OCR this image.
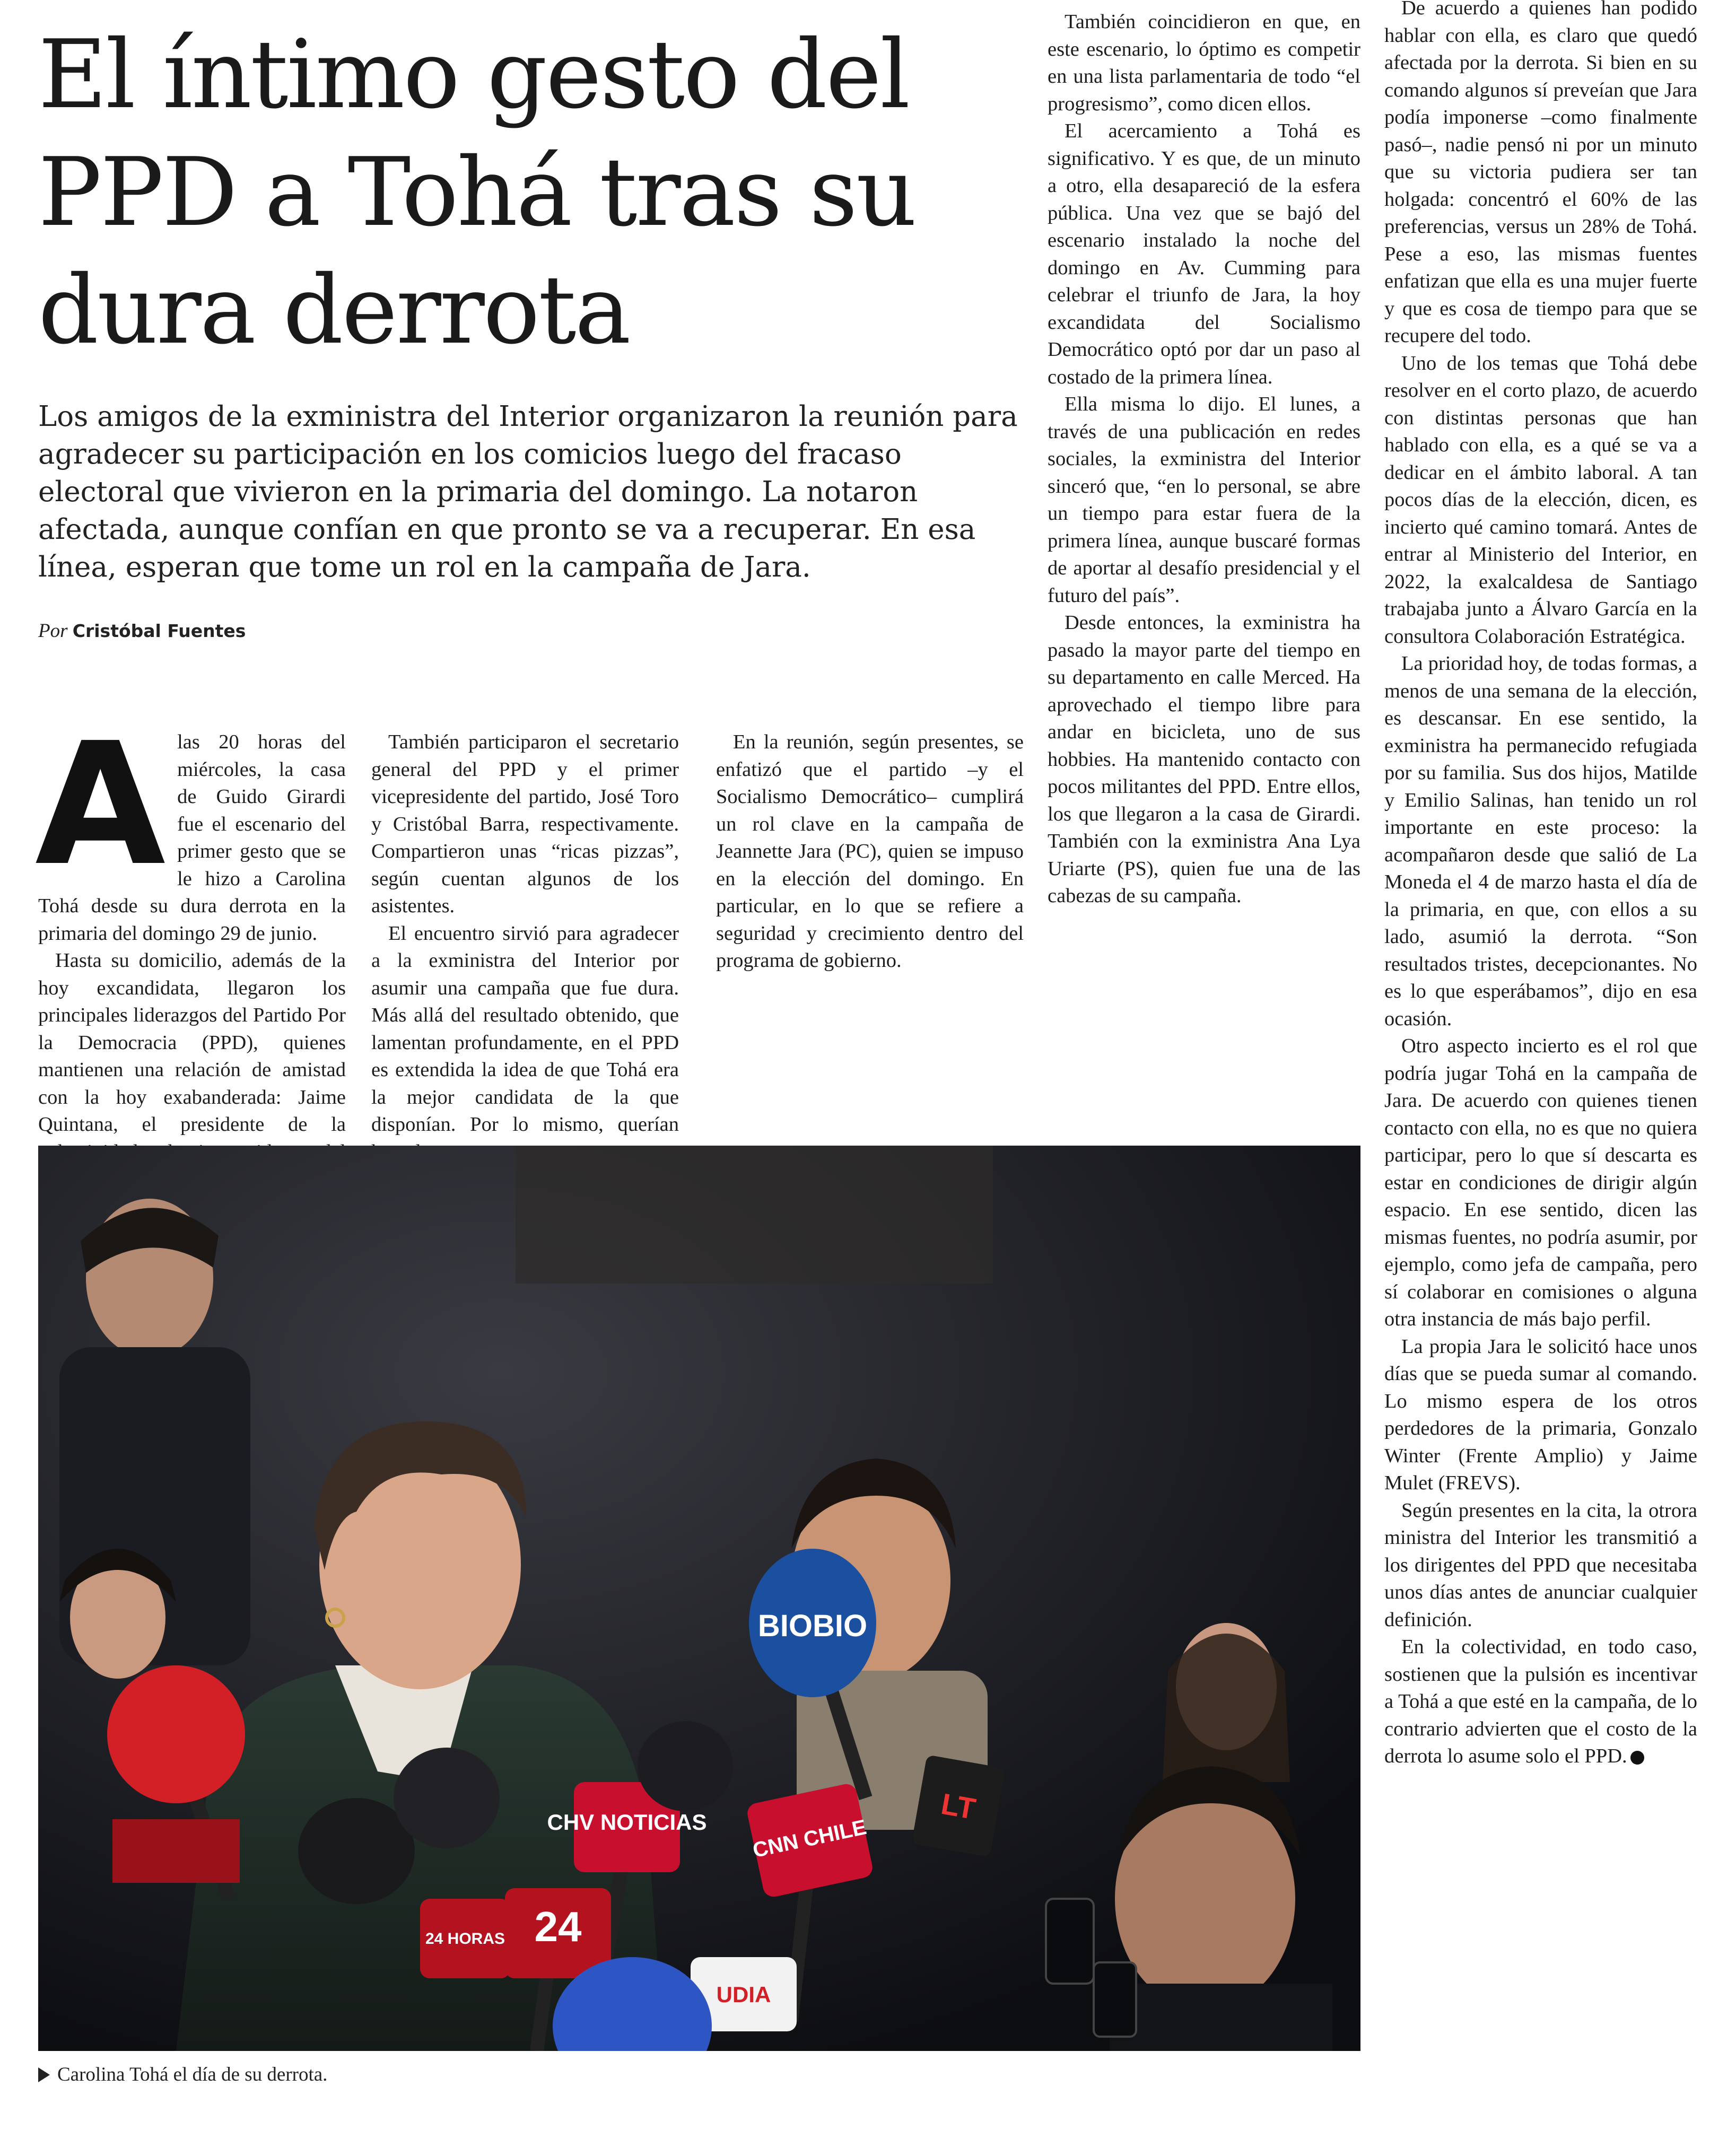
El íntimo gesto del PPD a Tohá tras su dura derrota

Los amigos de la exministra del Interior organizaron la reunión para agradecer su participación en los comicios luego del fracaso electoral que vivieron en la primaria del domingo. La notaron afectada, aunque confían en que pronto se va a recuperar. En esa línea, esperan que tome un rol en la campaña de Jara.

Por Cristóbal Fuentes

Alas 20 horas del miércoles, la casa de Guido Girardi fue el escenario del primer gesto que se le hizo a Carolina Tohá desde su dura derrota en la primaria del domingo 29 de junio.

Hasta su domicilio, además de la hoy excandidata, llegaron los principales liderazgos del Partido Por la Democracia (PPD), quienes mantienen una relación de amistad con la hoy exabanderada: Jaime Quintana, el presidente de la

También participaron el secretario general del PPD y el primer vicepresidente del partido, José Toro y Cristóbal Barra, respectivamente. Compartieron unas “ricas pizzas”, según cuentan algunos de los asistentes.

El encuentro sirvió para agradecer a la exministra del Interior por asumir una campaña que fue dura. Más allá del resultado obtenido, que lamentan profundamente, en el PPD es extendida la idea de que Tohá era la mejor candidata de la que disponían. Por lo mismo, querían

En la reunión, según presentes, se enfatizó que el partido –y el Socialismo Democrático– cumplirá un rol clave en la campaña de Jeannette Jara (PC), quien se impuso en la elección del domingo. En particular, en lo que se refiere a seguridad y crecimiento dentro del programa de gobierno.

También coincidieron en que, en este escenario, lo óptimo es competir en una lista parlamentaria de todo “el progresismo”, como dicen ellos.

El acercamiento a Tohá es significativo. Y es que, de un minuto a otro, ella desapareció de la esfera pública. Una vez que se bajó del escenario instalado la noche del domingo en Av. Cumming para celebrar el triunfo de Jara, la hoy excandidata del Socialismo Democrático optó por dar un paso al costado de la primera línea.

Ella misma lo dijo. El lunes, a través de una publicación en redes sociales, la exministra del Interior sinceró que, “en lo personal, se abre un tiempo para estar fuera de la primera línea, aunque buscaré formas de aportar al desafío presidencial y el futuro del país”.

Desde entonces, la exministra ha pasado la mayor parte del tiempo en su departamento en calle Merced. Ha aprovechado el tiempo libre para andar en bicicleta, uno de sus hobbies. Ha mantenido contacto con pocos militantes del PPD. Entre ellos, los que llegaron a la casa de Girardi. También con la exministra Ana Lya Uriarte (PS), quien fue una de las cabezas de su campaña.

De acuerdo a quienes han podido hablar con ella, es claro que quedó afectada por la derrota. Si bien en su comando algunos sí preveían que Jara podía imponerse –como finalmente pasó–, nadie pensó ni por un minuto que su victoria pudiera ser tan holgada: concentró el 60% de las preferencias, versus un 28% de Tohá. Pese a eso, las mismas fuentes enfatizan que ella es una mujer fuerte y que es cosa de tiempo para que se recupere del todo.

Uno de los temas que Tohá debe resolver en el corto plazo, de acuerdo con distintas personas que han hablado con ella, es a qué se va a dedicar en el ámbito laboral. A tan pocos días de la elección, dicen, es incierto qué camino tomará. Antes de entrar al Ministerio del Interior, en 2022, la exalcaldesa de Santiago trabajaba junto a Álvaro García en la consultora Colaboración Estratégica.

La prioridad hoy, de todas formas, a menos de una semana de la elección, es descansar. En ese sentido, la exministra ha permanecido refugiada por su familia. Sus dos hijos, Matilde y Emilio Salinas, han tenido un rol importante en este proceso: la acompañaron desde que salió de La Moneda el 4 de marzo hasta el día de la primaria, en que, con ellos a su lado, asumió la derrota. “Son resultados tristes, decepcionantes. No es lo que esperábamos”, dijo en esa ocasión.

Otro aspecto incierto es el rol que podría jugar Tohá en la campaña de Jara. De acuerdo con quienes tienen contacto con ella, no es que no quiera participar, pero lo que sí descarta es estar en condiciones de dirigir algún espacio. En ese sentido, dicen las mismas fuentes, no podría asumir, por ejemplo, como jefa de campaña, pero sí colaborar en comisiones o alguna otra instancia de más bajo perfil.

La propia Jara le solicitó hace unos días que se pueda sumar al comando. Lo mismo espera de los otros perdedores de la primaria, Gonzalo Winter (Frente Amplio) y Jaime Mulet (FREVS).

Según presentes en la cita, la otrora ministra del Interior les transmitió a los dirigentes del PPD que necesitaba unos días antes de anunciar cualquier definición.

En la colectividad, en todo caso, sostienen que la pulsión es incentivar a Tohá a que esté en la campaña, de lo contrario advierten que el costo de la derrota lo asume solo el PPD.

BIOBIO
CHV NOTICIAS CNN CHILE
LT
24
24 HORAS
UDIA

Carolina Tohá el día de su derrota.
